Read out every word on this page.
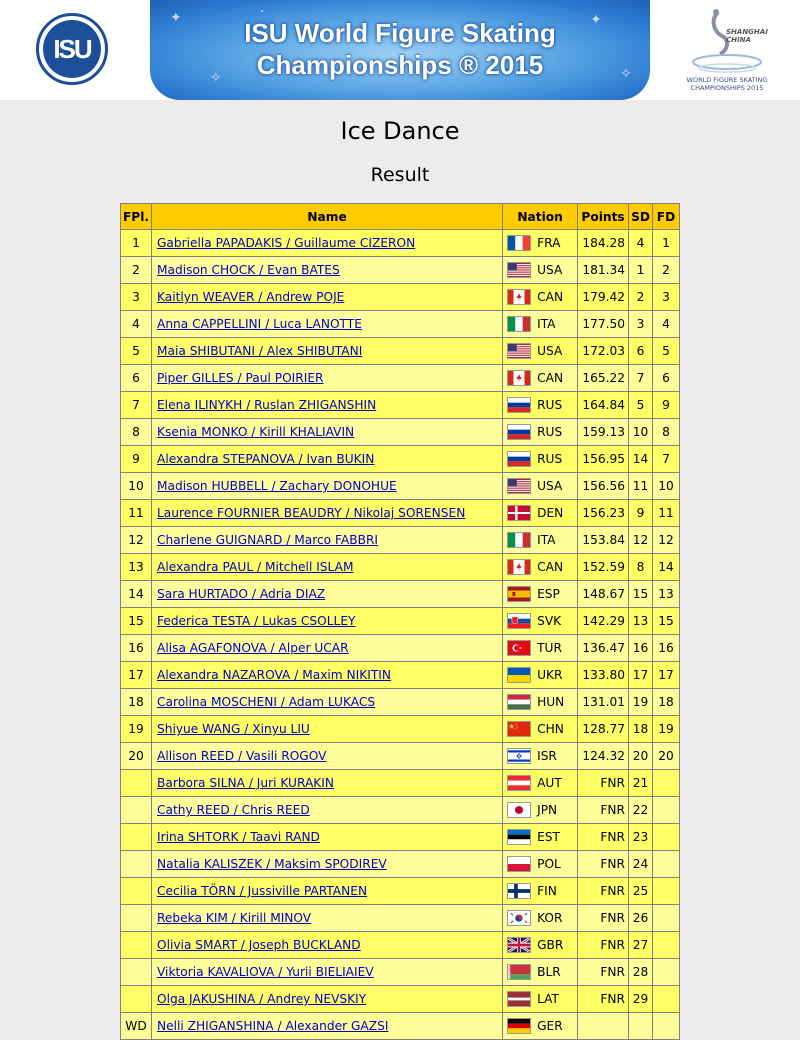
ISU
✦
✧
✦
✧
·
ISU World Figure Skating
Championships ® 2015
SHANGHAI
CHINA
WORLD FIGURE SKATING
CHAMPIONSHIPS 2015
Ice Dance
Result
FPl.	Name	Nation	Points	SD	FD
1	Gabriella PAPADAKIS / Guillaume CIZERON	FRA	184.28	4	1
2	Madison CHOCK / Evan BATES	USA	181.34	1	2
3	Kaitlyn WEAVER / Andrew POJE	CAN	179.42	2	3
4	Anna CAPPELLINI / Luca LANOTTE	ITA	177.50	3	4
5	Maia SHIBUTANI / Alex SHIBUTANI	USA	172.03	6	5
6	Piper GILLES / Paul POIRIER	CAN	165.22	7	6
7	Elena ILINYKH / Ruslan ZHIGANSHIN	RUS	164.84	5	9
8	Ksenia MONKO / Kirill KHALIAVIN	RUS	159.13	10	8
9	Alexandra STEPANOVA / Ivan BUKIN	RUS	156.95	14	7
10	Madison HUBBELL / Zachary DONOHUE	USA	156.56	11	10
11	Laurence FOURNIER BEAUDRY / Nikolaj SORENSEN	DEN	156.23	9	11
12	Charlene GUIGNARD / Marco FABBRI	ITA	153.84	12	12
13	Alexandra PAUL / Mitchell ISLAM	CAN	152.59	8	14
14	Sara HURTADO / Adria DIAZ	ESP	148.67	15	13
15	Federica TESTA / Lukas CSOLLEY	SVK	142.29	13	15
16	Alisa AGAFONOVA / Alper UCAR	TUR	136.47	16	16
17	Alexandra NAZAROVA / Maxim NIKITIN	UKR	133.80	17	17
18	Carolina MOSCHENI / Adam LUKACS	HUN	131.01	19	18
19	Shiyue WANG / Xinyu LIU	CHN	128.77	18	19
20	Allison REED / Vasili ROGOV	ISR	124.32	20	20
	Barbora SILNA / Juri KURAKIN	AUT	FNR	21	
	Cathy REED / Chris REED	JPN	FNR	22	
	Irina SHTORK / Taavi RAND	EST	FNR	23	
	Natalia KALISZEK / Maksim SPODIREV	POL	FNR	24	
	Cecilia TÖRN / Jussiville PARTANEN	FIN	FNR	25	
	Rebeka KIM / Kirill MINOV	KOR	FNR	26	
	Olivia SMART / Joseph BUCKLAND	GBR	FNR	27	
	Viktoria KAVALIOVA / Yurii BIELIAIEV	BLR	FNR	28	
	Olga JAKUSHINA / Andrey NEVSKIY	LAT	FNR	29	
WD	Nelli ZHIGANSHINA / Alexander GAZSI	GER			
